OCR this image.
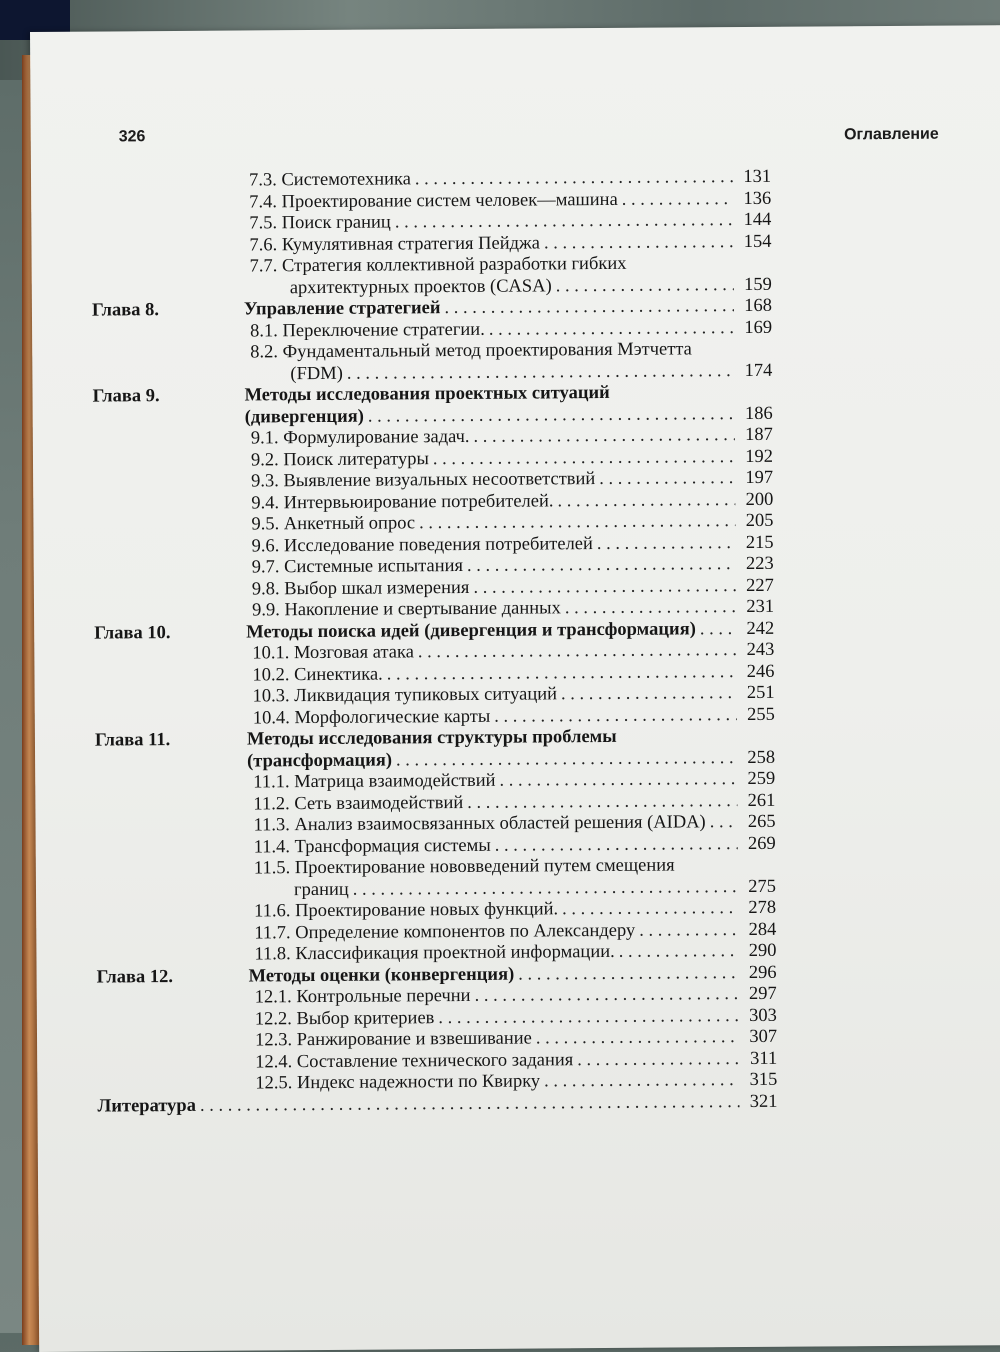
326	Оглавление
7.3. Системотехника . . .	131
7.4. Проектирование систем человек—машина . . .	136
7.5. Поиск границ . . .	144
7.6. Кумулятивная стратегия Пейджа . . .	154
7.7. Стратегия коллективной разработки гибких
архитектурных проектов (CASA) . . .	159
Глава 8.	Управление стратегией . . .	168
8.1. Переключение стратегии. . . .	169
8.2. Фундаментальный метод проектирования Мэтчетта
(FDM) . . .	174
Глава 9.	Методы исследования проектных ситуаций
(дивергенция) . . .	186
9.1. Формулирование задач. . . .	187
9.2. Поиск литературы . . .	192
9.3. Выявление визуальных несоответствий . . .	197
9.4. Интервьюирование потребителей. . . .	200
9.5. Анкетный опрос . . .	205
9.6. Исследование поведения потребителей . . .	215
9.7. Системные испытания . . .	223
9.8. Выбор шкал измерения . . .	227
9.9. Накопление и свертывание данных . . .	231
Глава 10.	Методы поиска идей (дивергенция и трансформация) . . .	242
10.1. Мозговая атака . . .	243
10.2. Синектика. . . .	246
10.3. Ликвидация тупиковых ситуаций . . .	251
10.4. Морфологические карты . . .	255
Глава 11.	Методы исследования структуры проблемы
(трансформация) . . .	258
11.1. Матрица взаимодействий . . .	259
11.2. Сеть взаимодействий . . .	261
11.3. Анализ взаимосвязанных областей решения (AIDA) . . .	265
11.4. Трансформация системы . . .	269
11.5. Проектирование нововведений путем смещения
границ . . .	275
11.6. Проектирование новых функций. . . .	278
11.7. Определение компонентов по Александеру . . .	284
11.8. Классификация проектной информации. . . .	290
Глава 12.	Методы оценки (конвергенция) . . .	296
12.1. Контрольные перечни . . .	297
12.2. Выбор критериев . . .	303
12.3. Ранжирование и взвешивание . . .	307
12.4. Составление технического задания . . .	311
12.5. Индекс надежности по Квирку . . .	315
Литература . . .	321
